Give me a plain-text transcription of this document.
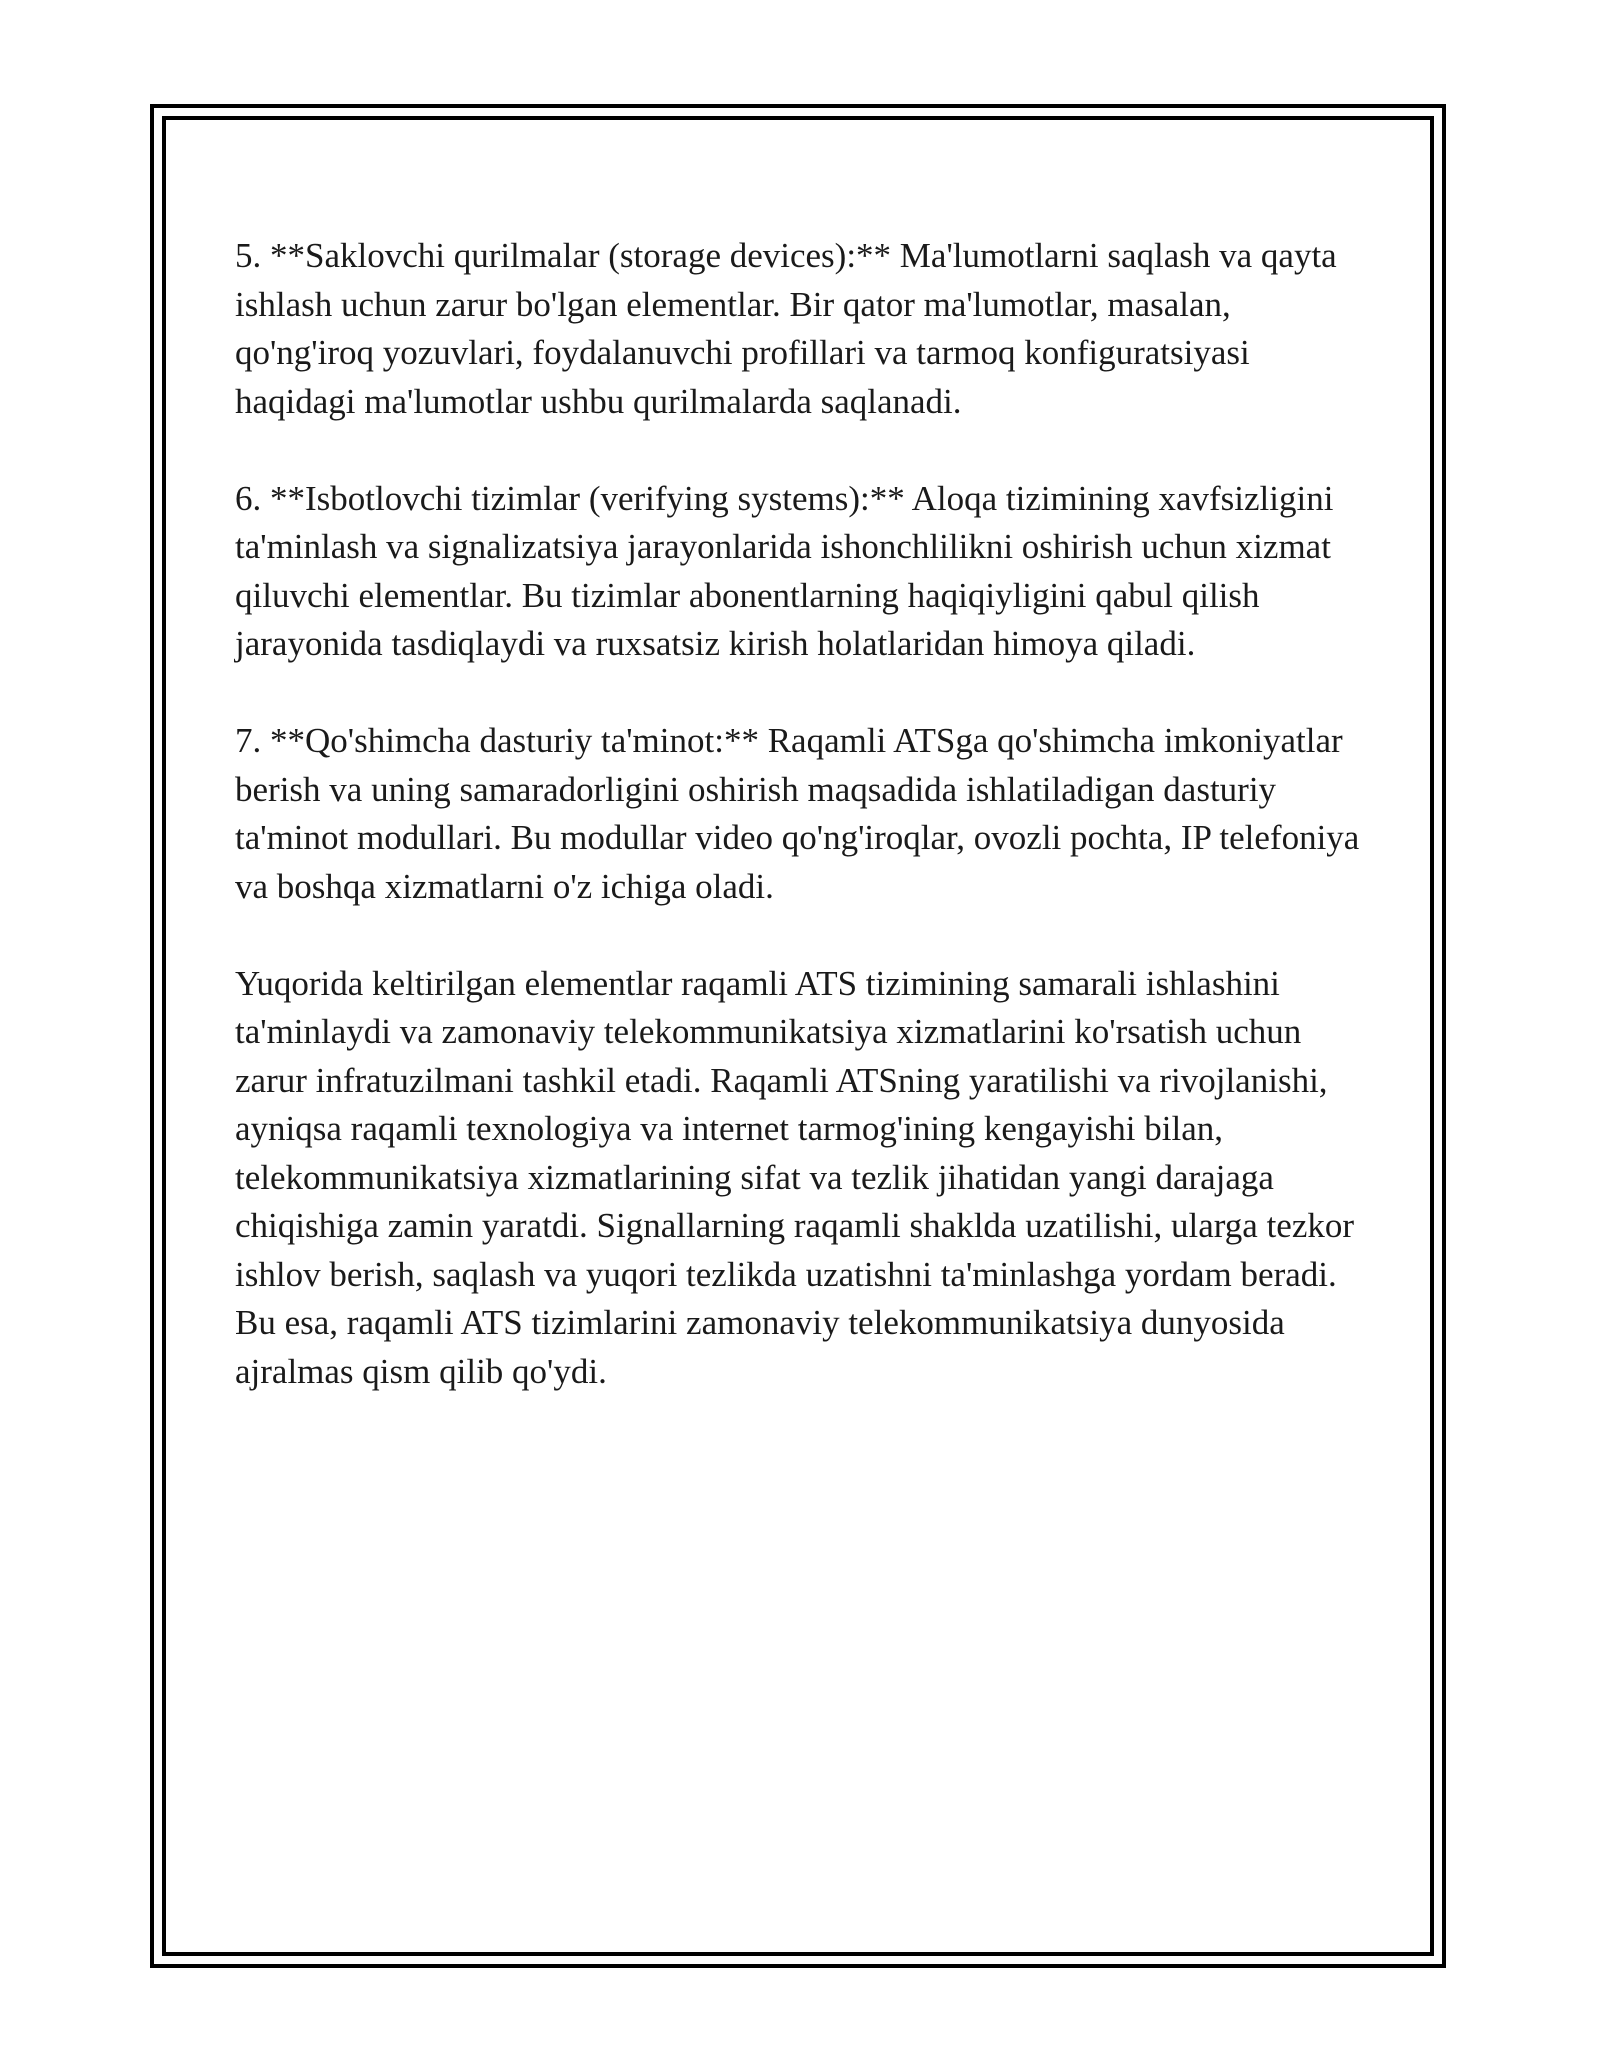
5. **Saklovchi qurilmalar (storage devices):** Ma'lumotlarni saqlash va qayta ishlash uchun zarur bo'lgan elementlar. Bir qator ma'lumotlar, masalan, qo'ng'iroq yozuvlari, foydalanuvchi profillari va tarmoq konfiguratsiyasi haqidagi ma'lumotlar ushbu qurilmalarda saqlanadi.

6. **Isbotlovchi tizimlar (verifying systems):** Aloqa tizimining xavfsizligini ta'minlash va signalizatsiya jarayonlarida ishonchlilikni oshirish uchun xizmat qiluvchi elementlar. Bu tizimlar abonentlarning haqiqiyligini qabul qilish jarayonida tasdiqlaydi va ruxsatsiz kirish holatlaridan himoya qiladi.

7. **Qo'shimcha dasturiy ta'minot:** Raqamli ATSga qo'shimcha imkoniyatlar berish va uning samaradorligini oshirish maqsadida ishlatiladigan dasturiy ta'minot modullari. Bu modullar video qo'ng'iroqlar, ovozli pochta, IP telefoniya va boshqa xizmatlarni o'z ichiga oladi.

Yuqorida keltirilgan elementlar raqamli ATS tizimining samarali ishlashini ta'minlaydi va zamonaviy telekommunikatsiya xizmatlarini ko'rsatish uchun zarur infratuzilmani tashkil etadi. Raqamli ATSning yaratilishi va rivojlanishi, ayniqsa raqamli texnologiya va internet tarmog'ining kengayishi bilan, telekommunikatsiya xizmatlarining sifat va tezlik jihatidan yangi darajaga chiqishiga zamin yaratdi. Signallarning raqamli shaklda uzatilishi, ularga tezkor ishlov berish, saqlash va yuqori tezlikda uzatishni ta'minlashga yordam beradi. Bu esa, raqamli ATS tizimlarini zamonaviy telekommunikatsiya dunyosida ajralmas qism qilib qo'ydi.
